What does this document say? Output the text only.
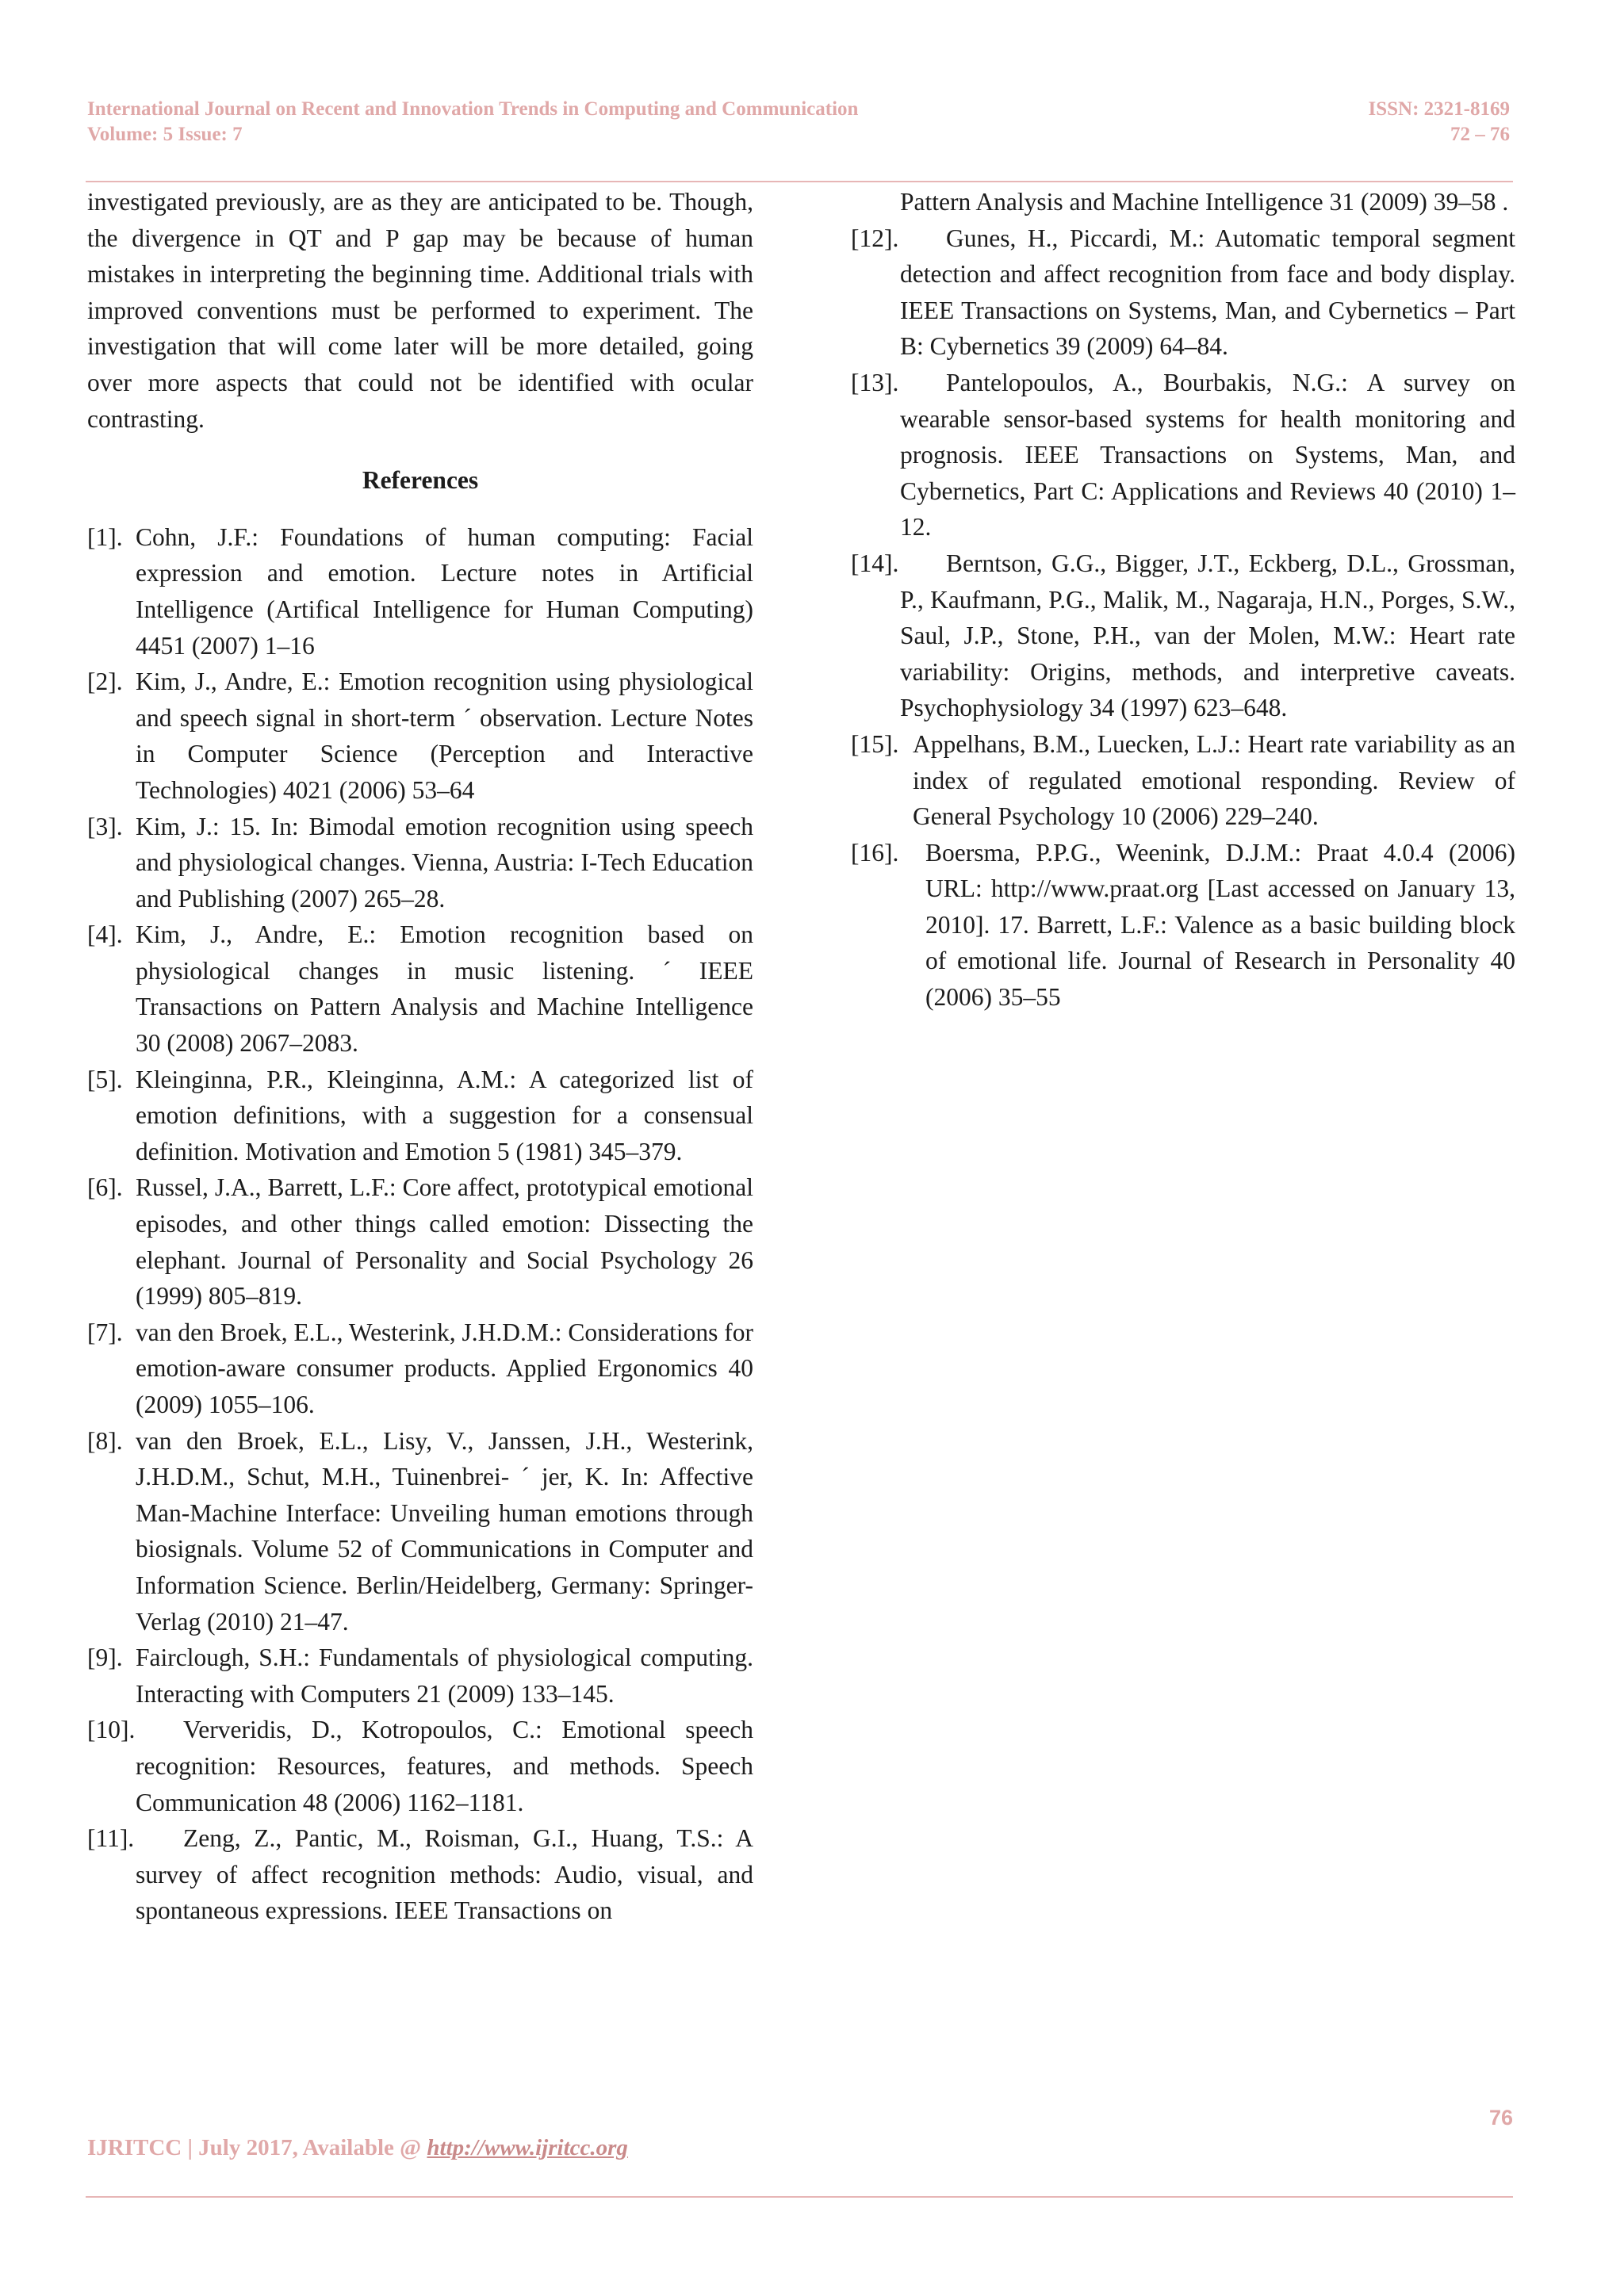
International Journal on Recent and Innovation Trends in Computing and Communication
Volume: 5 Issue: 7
ISSN: 2321-8169
72 – 76

investigated previously, are as they are anticipated to be. Though, the divergence in QT and P gap may be because of human mistakes in interpreting the beginning time. Additional trials with improved conventions must be performed to experiment. The investigation that will come later will be more detailed, going over more aspects that could not be identified with ocular contrasting.

References
[1]. Cohn, J.F.: Foundations of human computing: Facial expression and emotion. Lecture notes in Artificial Intelligence (Artifical Intelligence for Human Computing) 4451 (2007) 1–16
[2]. Kim, J., Andre, E.: Emotion recognition using physiological and speech signal in short-term ´ observation. Lecture Notes in Computer Science (Perception and Interactive Technologies) 4021 (2006) 53–64
[3]. Kim, J.: 15. In: Bimodal emotion recognition using speech and physiological changes. Vienna, Austria: I-Tech Education and Publishing (2007) 265–28.
[4]. Kim, J., Andre, E.: Emotion recognition based on physiological changes in music listening. ´ IEEE Transactions on Pattern Analysis and Machine Intelligence 30 (2008) 2067–2083.
[5]. Kleinginna, P.R., Kleinginna, A.M.: A categorized list of emotion definitions, with a suggestion for a consensual definition. Motivation and Emotion 5 (1981) 345–379.
[6]. Russel, J.A., Barrett, L.F.: Core affect, prototypical emotional episodes, and other things called emotion: Dissecting the elephant. Journal of Personality and Social Psychology 26 (1999) 805–819.
[7]. van den Broek, E.L., Westerink, J.H.D.M.: Considerations for emotion-aware consumer products. Applied Ergonomics 40 (2009) 1055–106.
[8]. van den Broek, E.L., Lisy, V., Janssen, J.H., Westerink, J.H.D.M., Schut, M.H., Tuinenbrei- ´ jer, K. In: Affective Man-Machine Interface: Unveiling human emotions through biosignals. Volume 52 of Communications in Computer and Information Science. Berlin/Heidelberg, Germany: Springer-Verlag (2010) 21–47.
[9]. Fairclough, S.H.: Fundamentals of physiological computing. Interacting with Computers 21 (2009) 133–145.
[10].	Ververidis, D., Kotropoulos, C.: Emotional speech recognition: Resources, features, and methods. Speech Communication 48 (2006) 1162–1181.
[11].	Zeng, Z., Pantic, M., Roisman, G.I., Huang, T.S.: A survey of affect recognition methods: Audio, visual, and spontaneous expressions. IEEE Transactions on
Pattern Analysis and Machine Intelligence 31 (2009) 39–58 .
[12].	Gunes, H., Piccardi, M.: Automatic temporal segment detection and affect recognition from face and body display. IEEE Transactions on Systems, Man, and Cybernetics – Part B: Cybernetics 39 (2009) 64–84.
[13].	Pantelopoulos, A., Bourbakis, N.G.: A survey on wearable sensor-based systems for health monitoring and prognosis. IEEE Transactions on Systems, Man, and Cybernetics, Part C: Applications and Reviews 40 (2010) 1–12.
[14].	Berntson, G.G., Bigger, J.T., Eckberg, D.L., Grossman, P., Kaufmann, P.G., Malik, M., Nagaraja, H.N., Porges, S.W., Saul, J.P., Stone, P.H., van der Molen, M.W.: Heart rate variability: Origins, methods, and interpretive caveats. Psychophysiology 34 (1997) 623–648.
[15]. Appelhans, B.M., Luecken, L.J.: Heart rate variability as an index of regulated emotional responding. Review of General Psychology 10 (2006) 229–240.
[16]. Boersma, P.P.G., Weenink, D.J.M.: Praat 4.0.4 (2006) URL: http://www.praat.org [Last accessed on January 13, 2010]. 17. Barrett, L.F.: Valence as a basic building block of emotional life. Journal of Research in Personality 40 (2006) 35–55
76
IJRITCC | July 2017, Available @ http://www.ijritcc.org
